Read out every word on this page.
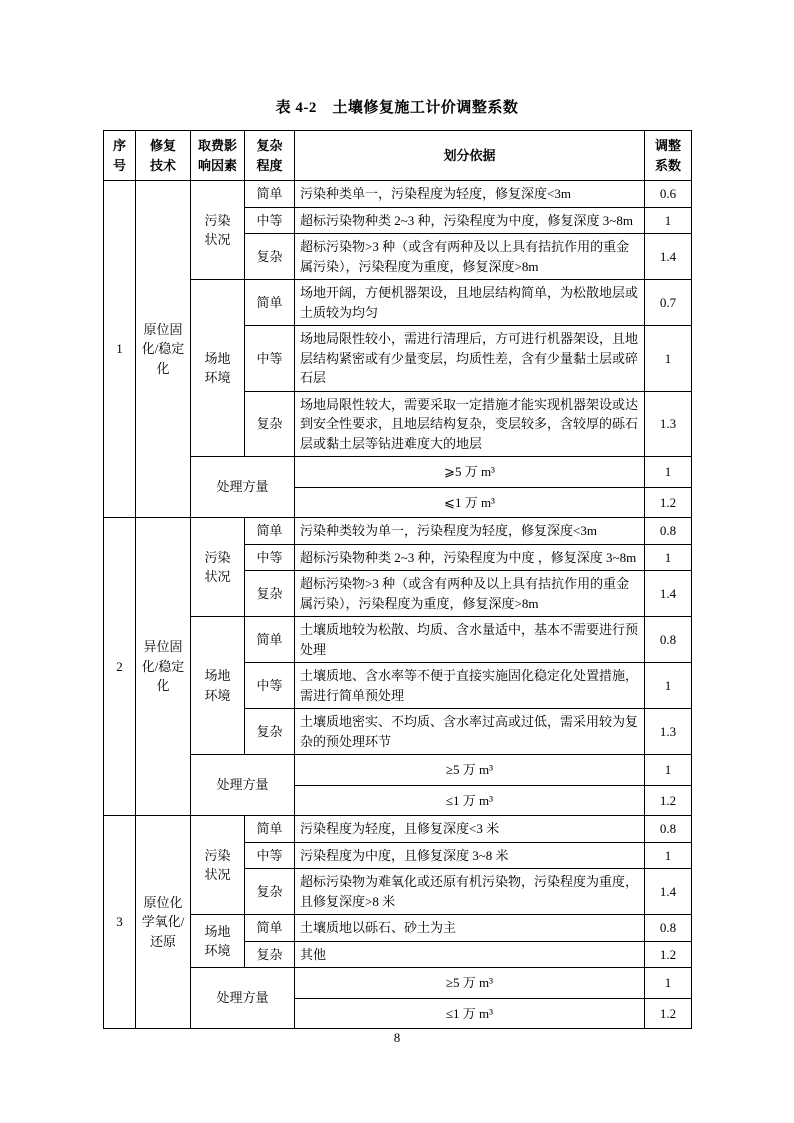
表 4-2　土壤修复施工计价调整系数
序号	修复技术	取费影响因素	复杂程度	划分依据	调整系数
1	原位固化/稳定化	污染状况	简单	污染种类单一，污染程度为轻度，修复深度<3m	0.6
			中等	超标污染物种类 2~3 种，污染程度为中度，修复深度 3~8m	1
			复杂	超标污染物>3 种（或含有两种及以上具有拮抗作用的重金属污染），污染程度为重度，修复深度>8m	1.4
		场地环境	简单	场地开阔，方便机器架设，且地层结构简单，为松散地层或土质较为均匀	0.7
			中等	场地局限性较小，需进行清理后，方可进行机器架设，且地层结构紧密或有少量变层，均质性差，含有少量黏土层或碎石层	1
			复杂	场地局限性较大，需要采取一定措施才能实现机器架设或达到安全性要求，且地层结构复杂，变层较多，含较厚的砾石层或黏土层等钻进难度大的地层	1.3
		处理方量		⩾5 万 m³	1
				⩽1 万 m³	1.2
2	异位固化/稳定化	污染状况	简单	污染种类较为单一，污染程度为轻度，修复深度<3m	0.8
			中等	超标污染物种类 2~3 种，污染程度为中度 ，修复深度 3~8m	1
			复杂	超标污染物>3 种（或含有两种及以上具有拮抗作用的重金属污染），污染程度为重度，修复深度>8m	1.4
		场地环境	简单	土壤质地较为松散、均质、含水量适中，基本不需要进行预处理	0.8
			中等	土壤质地、含水率等不便于直接实施固化稳定化处置措施，需进行简单预处理	1
			复杂	土壤质地密实、不均质、含水率过高或过低，需采用较为复杂的预处理环节	1.3
		处理方量		≥5 万 m³	1
				≤1 万 m³	1.2
3	原位化学氧化/还原	污染状况	简单	污染程度为轻度，且修复深度<3 米	0.8
			中等	污染程度为中度，且修复深度 3~8 米	1
			复杂	超标污染物为难氧化或还原有机污染物，污染程度为重度，且修复深度>8 米	1.4
		场地环境	简单	土壤质地以砾石、砂土为主	0.8
			复杂	其他	1.2
		处理方量		≥5 万 m³	1
				≤1 万 m³	1.2
8
